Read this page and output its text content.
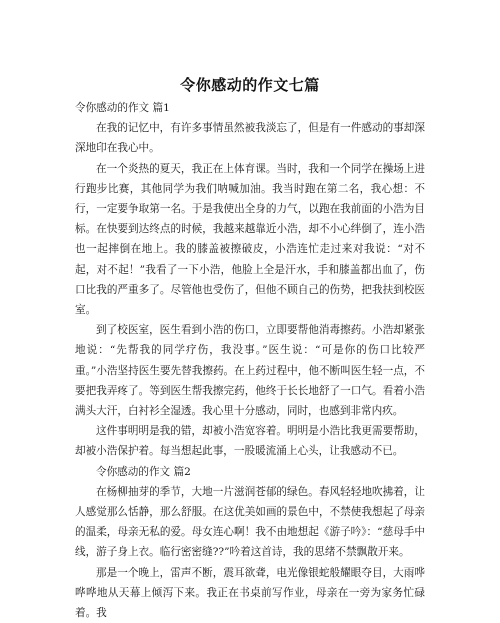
令你感动的作文七篇

令你感动的作文 篇1

在我的记忆中，有许多事情虽然被我淡忘了，但是有一件感动的事却深深地印在我心中。

在一个炎热的夏天，我正在上体育课。当时，我和一个同学在操场上进行跑步比赛，其他同学为我们呐喊加油。我当时跑在第二名，我心想：不行，一定要争取第一名。于是我使出全身的力气，以跑在我前面的小浩为目标。在快要到达终点的时候，我越来越靠近小浩，却不小心绊倒了，连小浩也一起摔倒在地上。我的膝盖被擦破皮，小浩连忙走过来对我说：“对不起，对不起！”我看了一下小浩，他脸上全是汗水，手和膝盖都出血了，伤口比我的严重多了。尽管他也受伤了，但他不顾自己的伤势，把我扶到校医室。

到了校医室，医生看到小浩的伤口，立即要帮他消毒擦药。小浩却紧张地说：“先帮我的同学疗伤，我没事。”医生说：“可是你的伤口比较严重。”小浩坚持医生要先替我擦药。在上药过程中，他不断叫医生轻一点，不要把我弄疼了。等到医生帮我擦完药，他终于长长地舒了一口气。看着小浩满头大汗，白衬衫全湿透。我心里十分感动，同时，也感到非常内疚。

这件事明明是我的错，却被小浩宽容着。明明是小浩比我更需要帮助，却被小浩保护着。每当想起此事，一股暖流涌上心头，让我感动不已。

令你感动的作文 篇2

在杨柳抽芽的季节，大地一片滋润苍郁的绿色。春风轻轻地吹拂着，让人感觉那么恬静，那么舒服。在这优美如画的景色中，不禁使我想起了母亲的温柔，母亲无私的爱。母女连心啊！我不由地想起《游子吟》：“慈母手中线，游子身上衣。临行密密缝??”吟着这首诗，我的思绪不禁飘散开来。

那是一个晚上，雷声不断，震耳欲聋，电光像银蛇般耀眼夺目，大雨哗哗哗地从天幕上倾泻下来。我正在书桌前写作业，母亲在一旁为家务忙碌着。我
